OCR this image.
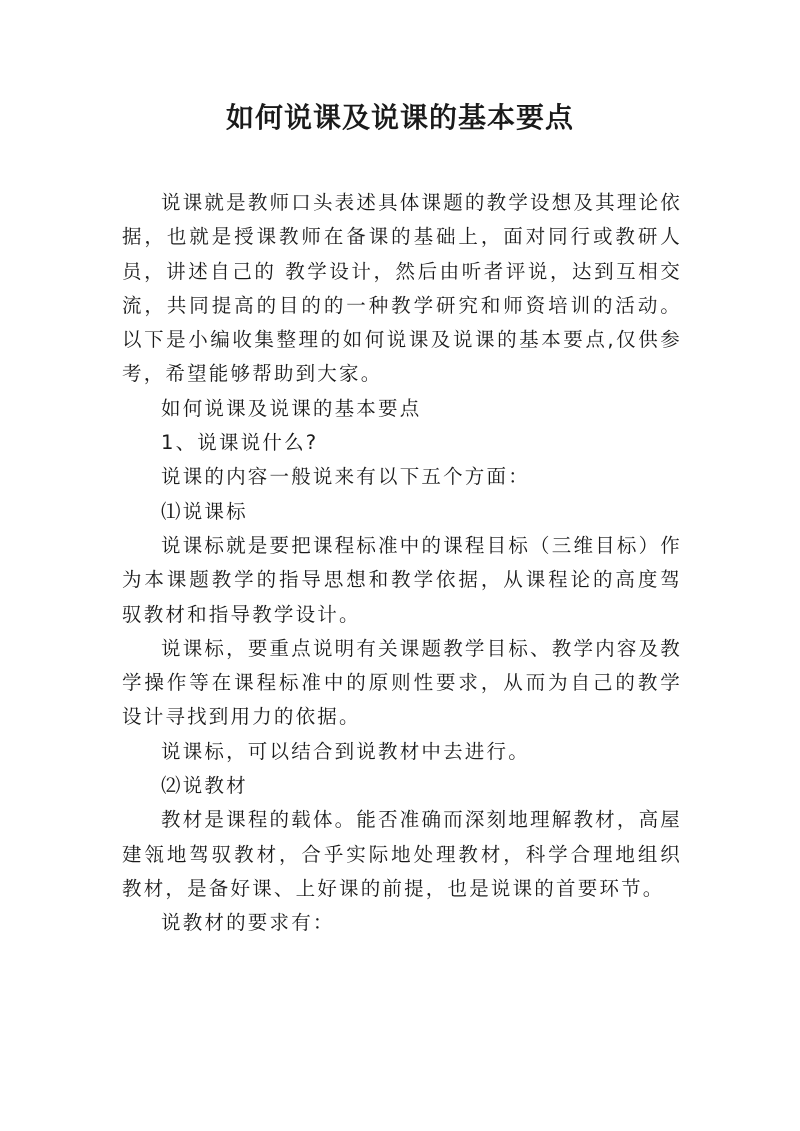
如何说课及说课的基本要点

说课就是教师口头表述具体课题的教学设想及其理论依据，也就是授课教师在备课的基础上，面对同行或教研人员，讲述自己的 教学设计，然后由听者评说，达到互相交流，共同提高的目的的一种教学研究和师资培训的活动。以下是小编收集整理的如何说课及说课的基本要点,仅供参考，希望能够帮助到大家。

如何说课及说课的基本要点

1、说课说什么?

说课的内容一般说来有以下五个方面：

⑴说课标

说课标就是要把课程标准中的课程目标（三维目标）作为本课题教学的指导思想和教学依据，从课程论的高度驾驭教材和指导教学设计。

说课标，要重点说明有关课题教学目标、教学内容及教学操作等在课程标准中的原则性要求，从而为自己的教学设计寻找到用力的依据。

说课标，可以结合到说教材中去进行。

⑵说教材

教材是课程的载体。能否准确而深刻地理解教材，高屋建瓴地驾驭教材，合乎实际地处理教材，科学合理地组织教材，是备好课、上好课的前提，也是说课的首要环节。

说教材的要求有：
